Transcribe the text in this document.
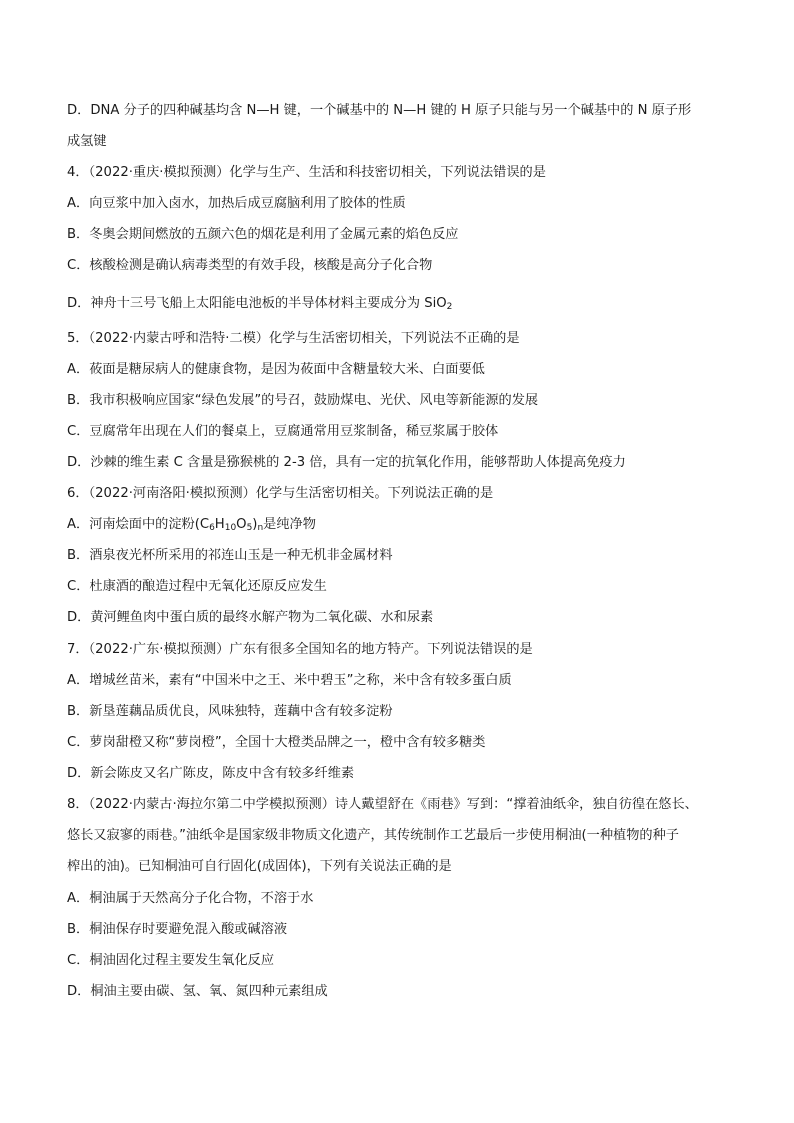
D．DNA 分子的四种碱基均含 N—H 键，一个碱基中的 N—H 键的 H 原子只能与另一个碱基中的 N 原子形
成氢键
4．（2022·重庆·模拟预测）化学与生产、生活和科技密切相关，下列说法错误的是
A．向豆浆中加入卤水，加热后成豆腐脑利用了胶体的性质
B．冬奥会期间燃放的五颜六色的烟花是利用了金属元素的焰色反应
C．核酸检测是确认病毒类型的有效手段，核酸是高分子化合物
D．神舟十三号飞船上太阳能电池板的半导体材料主要成分为 SiO$_2$
5．（2022·内蒙古呼和浩特·二模）化学与生活密切相关，下列说法不正确的是
A．莜面是糖尿病人的健康食物，是因为莜面中含糖量较大米、白面要低
B．我市积极响应国家“绿色发展”的号召，鼓励煤电、光伏、风电等新能源的发展
C．豆腐常年出现在人们的餐桌上，豆腐通常用豆浆制备，稀豆浆属于胶体
D．沙棘的维生素 C 含量是猕猴桃的 2-3 倍，具有一定的抗氧化作用，能够帮助人体提高免疫力
6．（2022·河南洛阳·模拟预测）化学与生活密切相关。下列说法正确的是
A．河南烩面中的淀粉$(C_6H_{10}O_5)_n$是纯净物
B．酒泉夜光杯所采用的祁连山玉是一种无机非金属材料
C．杜康酒的酿造过程中无氧化还原反应发生
D．黄河鲤鱼肉中蛋白质的最终水解产物为二氧化碳、水和尿素
7．（2022·广东·模拟预测）广东有很多全国知名的地方特产。下列说法错误的是
A．增城丝苗米，素有“中国米中之王、米中碧玉”之称，米中含有较多蛋白质
B．新垦莲藕品质优良，风味独特，莲藕中含有较多淀粉
C．萝岗甜橙又称“萝岗橙”，全国十大橙类品牌之一，橙中含有较多糖类
D．新会陈皮又名广陈皮，陈皮中含有较多纤维素
8．（2022·内蒙古·海拉尔第二中学模拟预测）诗人戴望舒在《雨巷》写到：“撑着油纸伞，独自彷徨在悠长、
悠长又寂寥的雨巷。”油纸伞是国家级非物质文化遗产，其传统制作工艺最后一步使用桐油(一种植物的种子
榨出的油)。已知桐油可自行固化(成固体)，下列有关说法正确的是
A．桐油属于天然高分子化合物，不溶于水
B．桐油保存时要避免混入酸或碱溶液
C．桐油固化过程主要发生氧化反应
D．桐油主要由碳、氢、氧、氮四种元素组成
